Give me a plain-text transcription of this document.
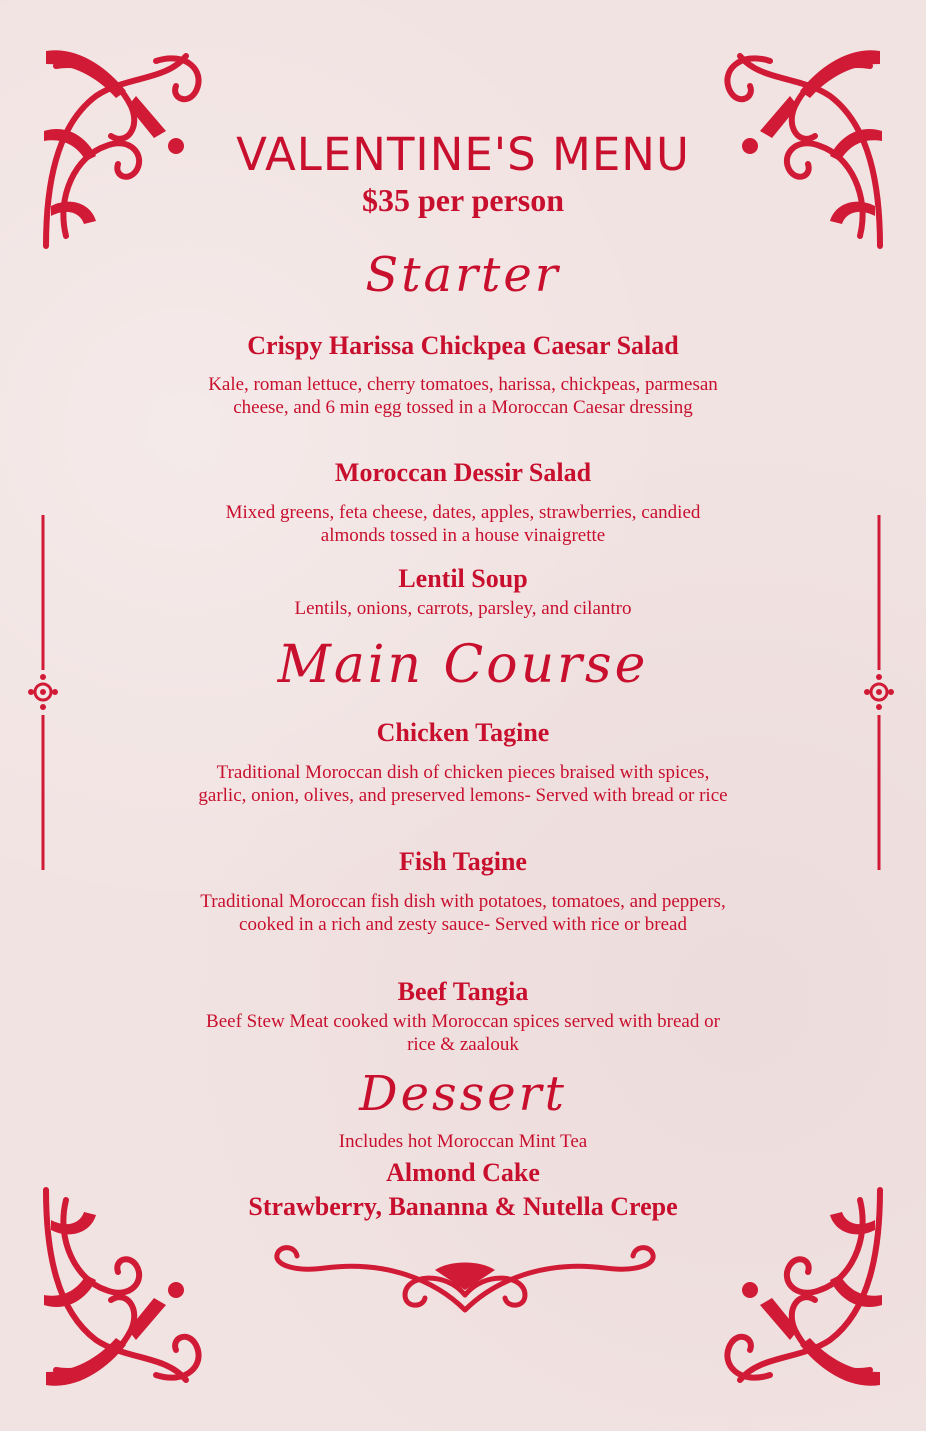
VALENTINE'S MENU
$35 per person
Starter
Crispy Harissa Chickpea Caesar Salad
Kale, roman lettuce, cherry tomatoes, harissa, chickpeas, parmesan cheese, and 6 min egg tossed in a Moroccan Caesar dressing
Moroccan Dessir Salad
Mixed greens, feta cheese, dates, apples, strawberries, candied almonds tossed in a house vinaigrette
Lentil Soup
Lentils, onions, carrots, parsley, and cilantro
Main Course
Chicken Tagine
Traditional Moroccan dish of chicken pieces braised with spices, garlic, onion, olives, and preserved lemons- Served with bread or rice
Fish Tagine
Traditional Moroccan fish dish with potatoes, tomatoes, and peppers, cooked in a rich and zesty sauce- Served with rice or bread
Beef Tangia
Beef Stew Meat cooked with Moroccan spices served with bread or rice & zaalouk
Dessert
Includes hot Moroccan Mint Tea
Almond Cake
Strawberry, Bananna & Nutella Crepe
